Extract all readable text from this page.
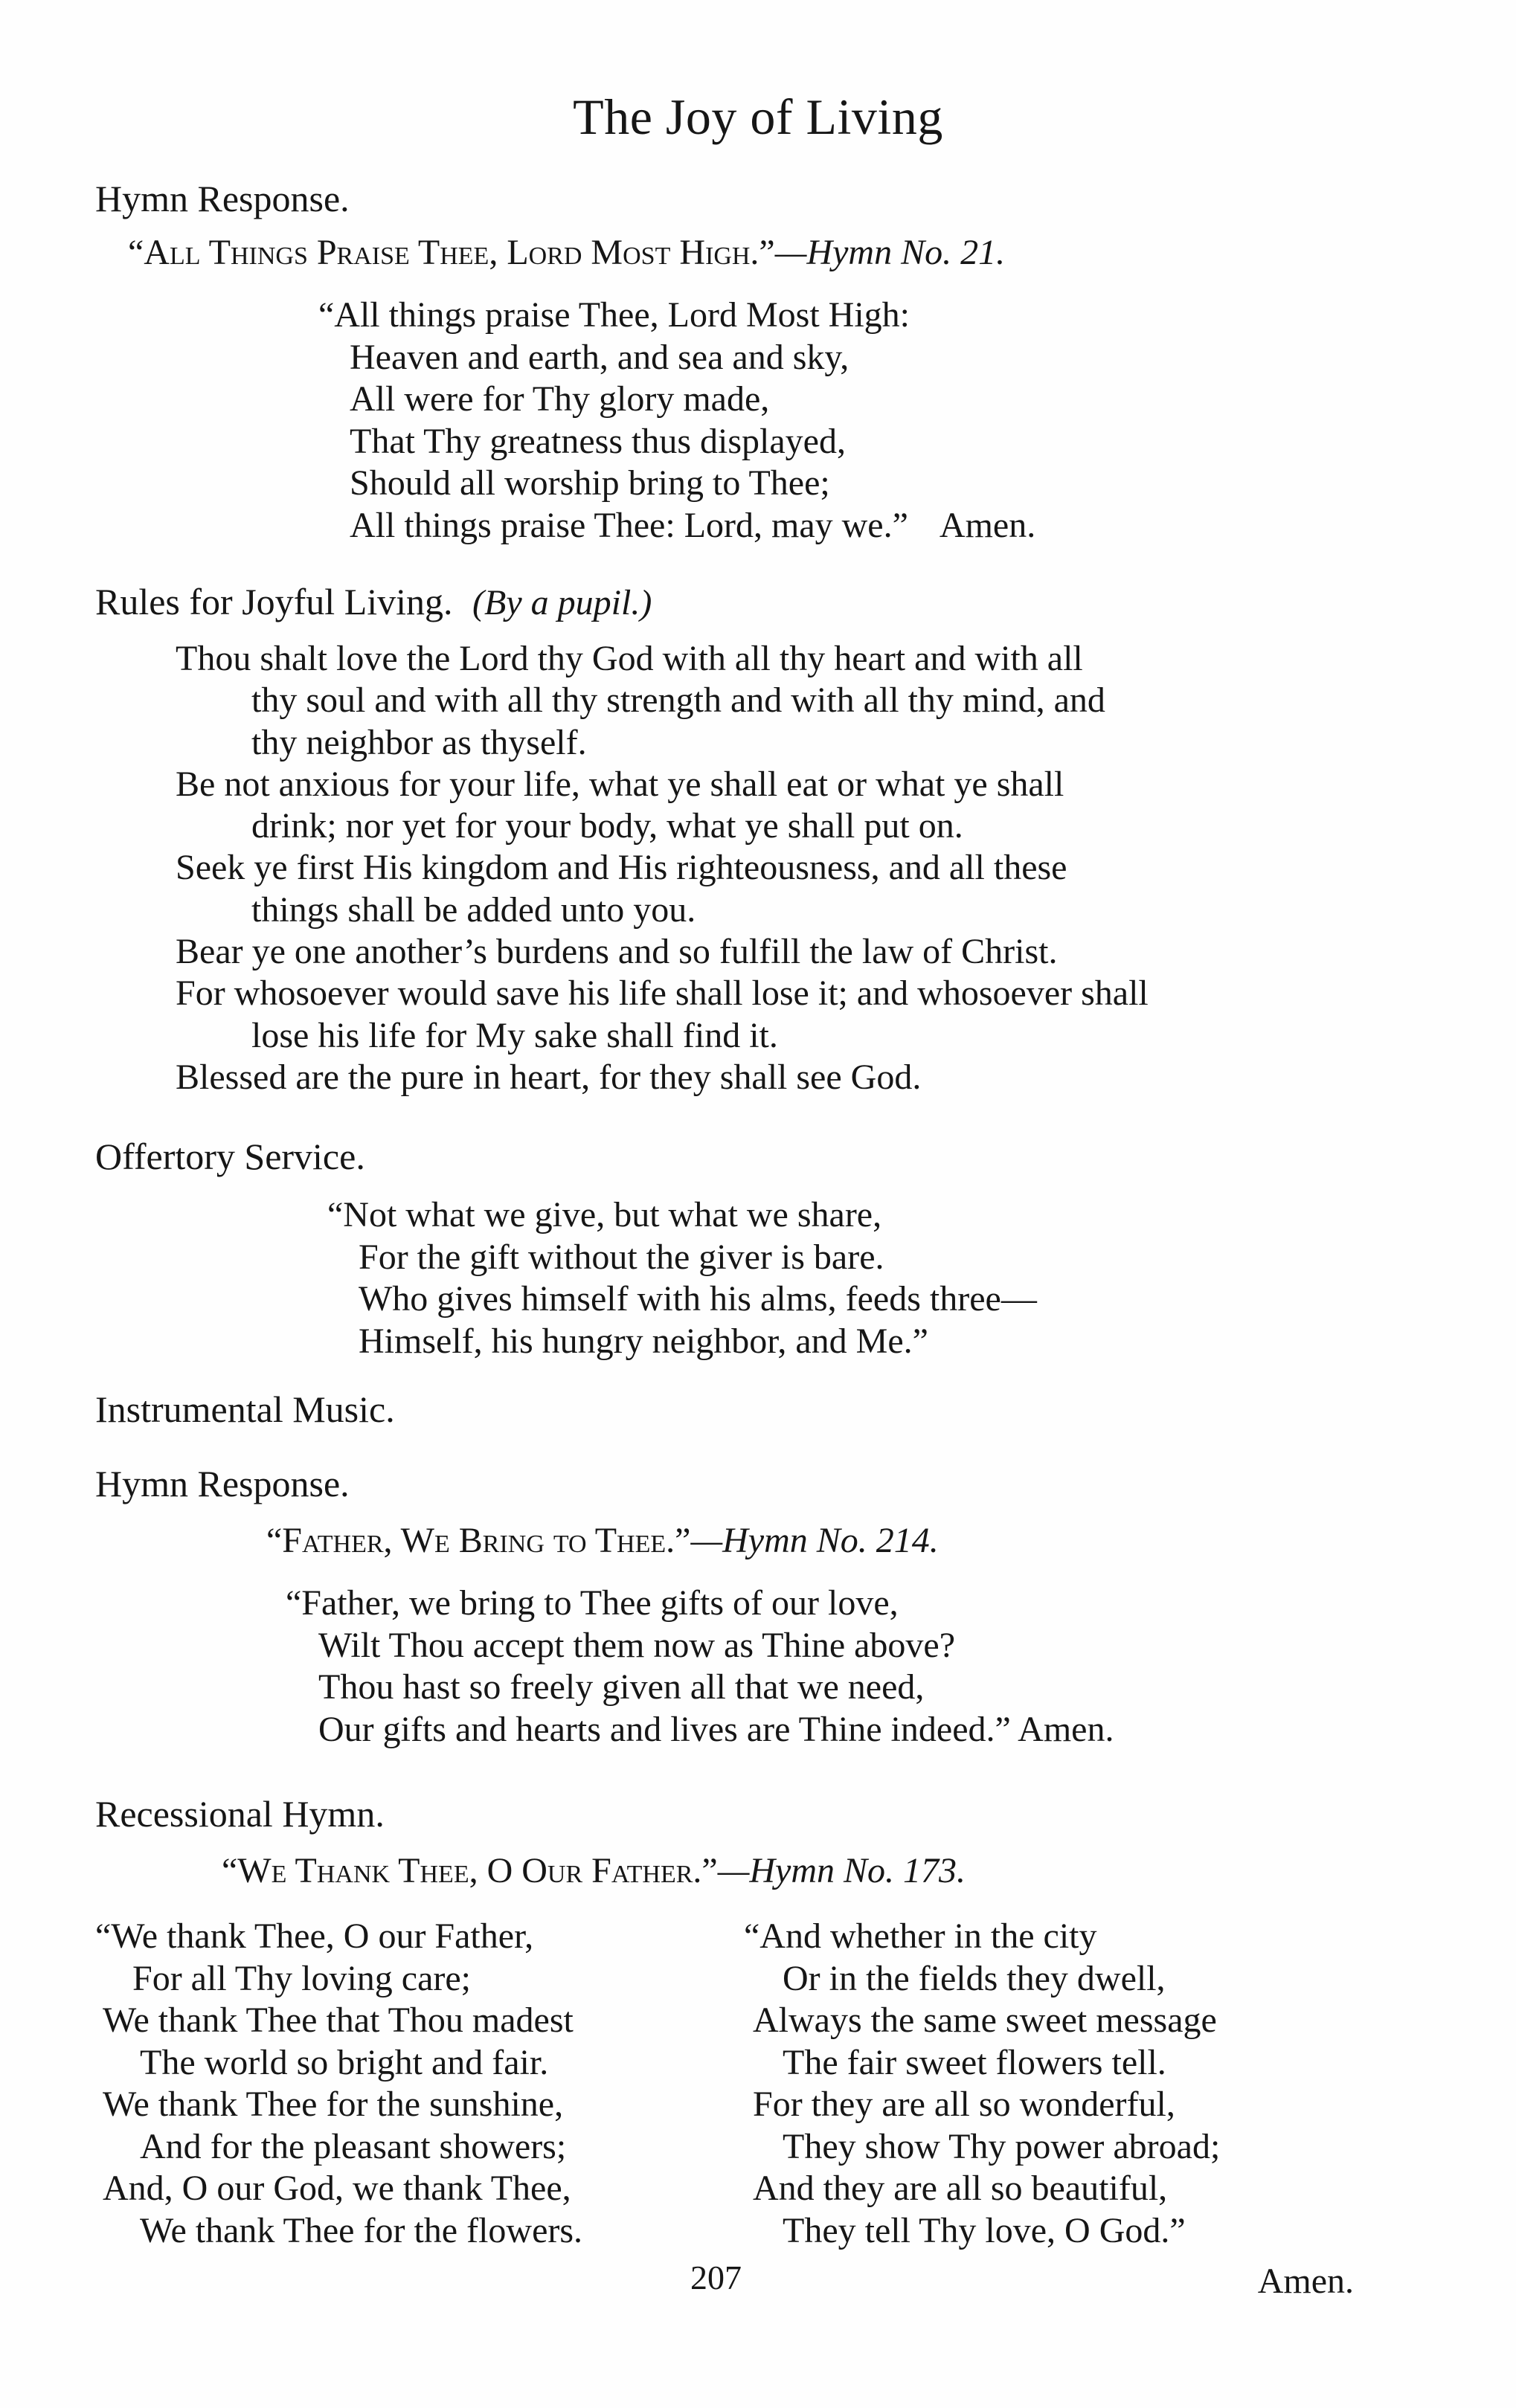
The Joy of Living
Hymn Response.
“All Things Praise Thee, Lord Most High.”—Hymn No. 21.
“All things praise Thee, Lord Most High:
Heaven and earth, and sea and sky,
All were for Thy glory made,
That Thy greatness thus displayed,
Should all worship bring to Thee;
All things praise Thee: Lord, may we.” Amen.
Rules for Joyful Living. (By a pupil.)
Thou shalt love the Lord thy God with all thy heart and with all
thy soul and with all thy strength and with all thy mind, and
thy neighbor as thyself.
Be not anxious for your life, what ye shall eat or what ye shall
drink; nor yet for your body, what ye shall put on.
Seek ye first His kingdom and His righteousness, and all these
things shall be added unto you.
Bear ye one another’s burdens and so fulfill the law of Christ.
For whosoever would save his life shall lose it; and whosoever shall
lose his life for My sake shall find it.
Blessed are the pure in heart, for they shall see God.
Offertory Service.
“Not what we give, but what we share,
For the gift without the giver is bare.
Who gives himself with his alms, feeds three—
Himself, his hungry neighbor, and Me.”
Instrumental Music.
Hymn Response.
“Father, We Bring to Thee.”—Hymn No. 214.
“Father, we bring to Thee gifts of our love,
Wilt Thou accept them now as Thine above?
Thou hast so freely given all that we need,
Our gifts and hearts and lives are Thine indeed.” Amen.
Recessional Hymn.
“We Thank Thee, O Our Father.”—Hymn No. 173.
“We thank Thee, O our Father,
For all Thy loving care;
We thank Thee that Thou madest
The world so bright and fair.
We thank Thee for the sunshine,
And for the pleasant showers;
And, O our God, we thank Thee,
We thank Thee for the flowers.
“And whether in the city
Or in the fields they dwell,
Always the same sweet message
The fair sweet flowers tell.
For they are all so wonderful,
They show Thy power abroad;
And they are all so beautiful,
They tell Thy love, O God.”
207	Amen.
